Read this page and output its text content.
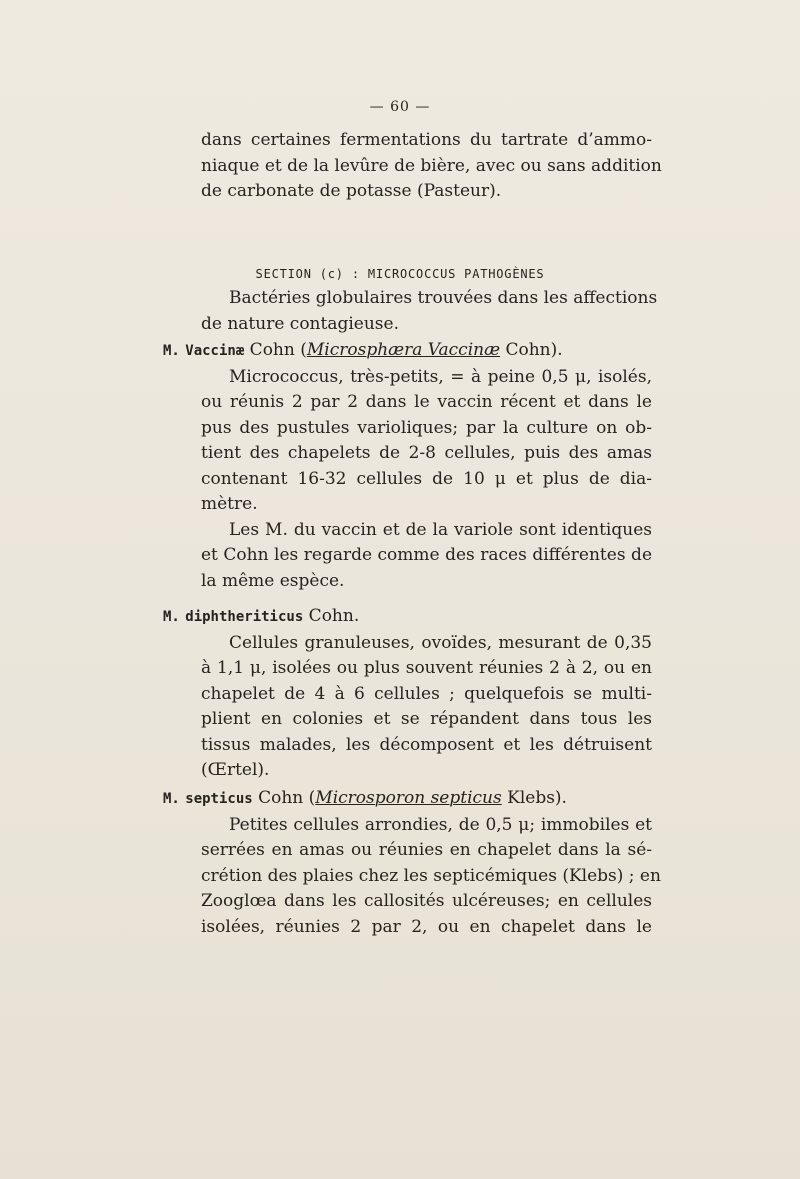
— 60 —
dans certaines fermentations du tartrate d’ammo-
niaque et de la levûre de bière, avec ou sans addition
de carbonate de potasse (Pasteur).
SECTION (c) : MICROCOCCUS PATHOGÈNES
Bactéries globulaires trouvées dans les affections
de nature contagieuse.
M. Vaccinæ Cohn (Microsphæra Vaccinæ Cohn).
Micrococcus, très-petits, = à peine 0,5 μ, isolés,
ou réunis 2 par 2 dans le vaccin récent et dans le
pus des pustules varioliques; par la culture on ob-
tient des chapelets de 2-8 cellules, puis des amas
contenant 16-32 cellules de 10 μ et plus de dia-
mètre.
Les M. du vaccin et de la variole sont identiques
et Cohn les regarde comme des races différentes de
la même espèce.
M. diphtheriticus Cohn.
Cellules granuleuses, ovoïdes, mesurant de 0,35
à 1,1 μ, isolées ou plus souvent réunies 2 à 2, ou en
chapelet de 4 à 6 cellules ; quelquefois se multi-
plient en colonies et se répandent dans tous les
tissus malades, les décomposent et les détruisent
(Œrtel).
M. septicus Cohn (Microsporon septicus Klebs).
Petites cellules arrondies, de 0,5 μ; immobiles et
serrées en amas ou réunies en chapelet dans la sé-
crétion des plaies chez les septicémiques (Klebs) ; en
Zooglœa dans les callosités ulcéreuses; en cellules
isolées, réunies 2 par 2, ou en chapelet dans le
